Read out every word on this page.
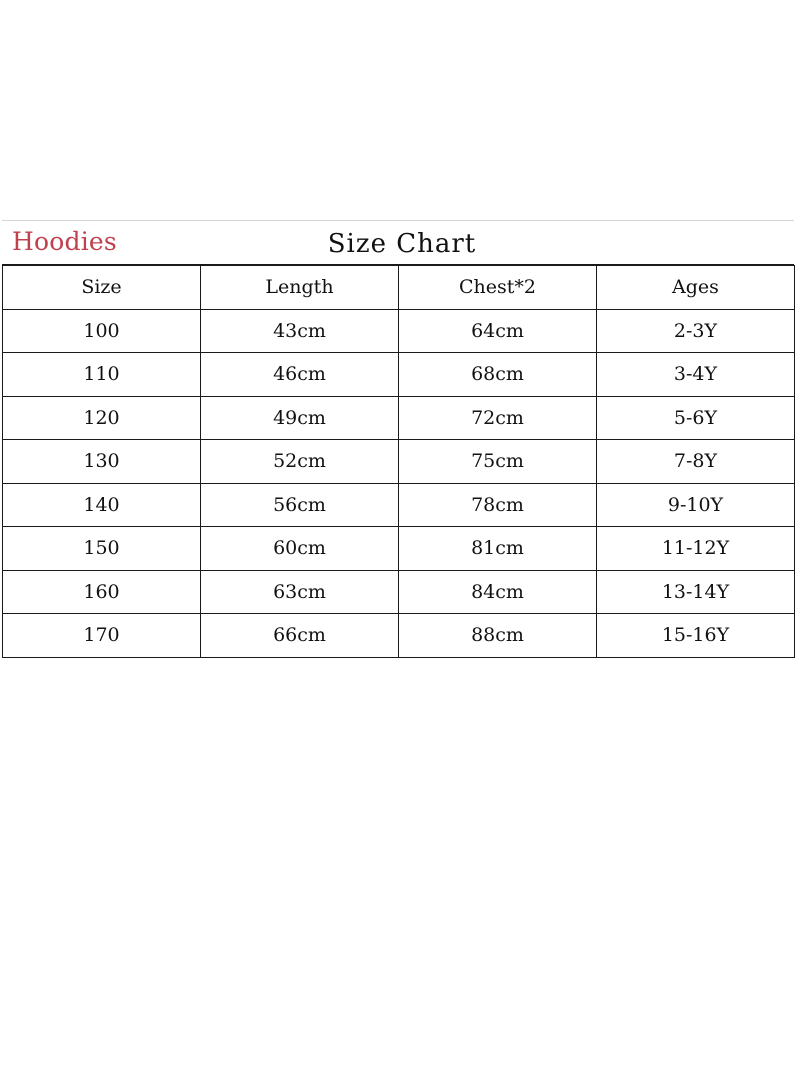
Hoodies	Size Chart
Size	Length	Chest*2	Ages
100	43cm	64cm	2-3Y
110	46cm	68cm	3-4Y
120	49cm	72cm	5-6Y
130	52cm	75cm	7-8Y
140	56cm	78cm	9-10Y
150	60cm	81cm	11-12Y
160	63cm	84cm	13-14Y
170	66cm	88cm	15-16Y
